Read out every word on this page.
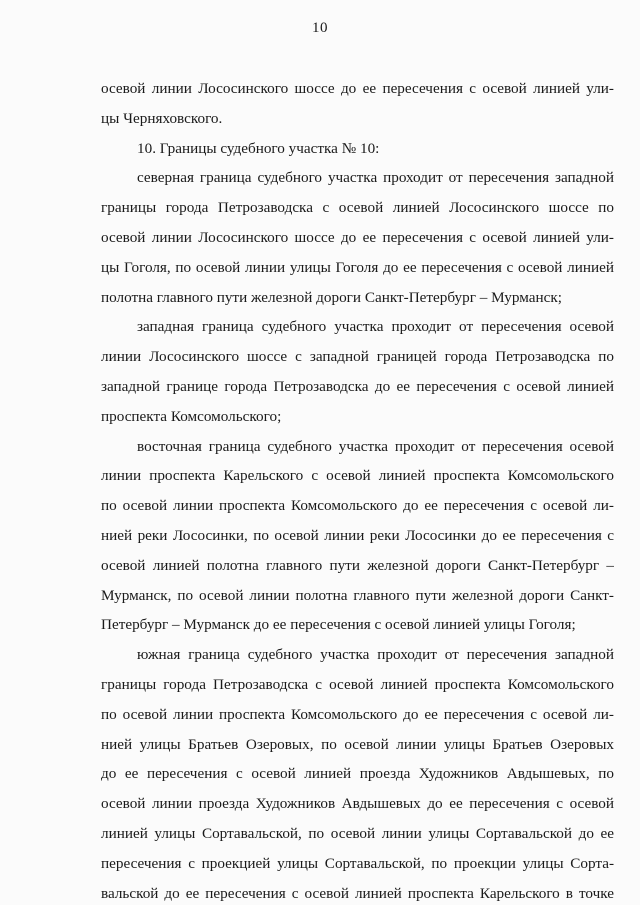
10
осевой линии Лососинского шоссе до ее пересечения с осевой линией ули-
цы Черняховского.
10. Границы судебного участка № 10:
северная граница судебного участка проходит от пересечения западной
границы города Петрозаводска с осевой линией Лососинского шоссе по
осевой линии Лососинского шоссе до ее пересечения с осевой линией ули-
цы Гоголя, по осевой линии улицы Гоголя до ее пересечения с осевой линией
полотна главного пути железной дороги Санкт-Петербург – Мурманск;
западная граница судебного участка проходит от пересечения осевой
линии Лососинского шоссе с западной границей города Петрозаводска по
западной границе города Петрозаводска до ее пересечения с осевой линией
проспекта Комсомольского;
восточная граница судебного участка проходит от пересечения осевой
линии проспекта Карельского с осевой линией проспекта Комсомольского
по осевой линии проспекта Комсомольского до ее пересечения с осевой ли-
нией реки Лососинки, по осевой линии реки Лососинки до ее пересечения с
осевой линией полотна главного пути железной дороги Санкт-Петербург –
Мурманск, по осевой линии полотна главного пути железной дороги Санкт-
Петербург – Мурманск до ее пересечения с осевой линией улицы Гоголя;
южная граница судебного участка проходит от пересечения западной
границы города Петрозаводска с осевой линией проспекта Комсомольского
по осевой линии проспекта Комсомольского до ее пересечения с осевой ли-
нией улицы Братьев Озеровых, по осевой линии улицы Братьев Озеровых
до ее пересечения с осевой линией проезда Художников Авдышевых, по
осевой линии проезда Художников Авдышевых до ее пересечения с осевой
линией улицы Сортавальской, по осевой линии улицы Сортавальской до ее
пересечения с проекцией улицы Сортавальской, по проекции улицы Сорта-
вальской до ее пересечения с осевой линией проспекта Карельского в точке
